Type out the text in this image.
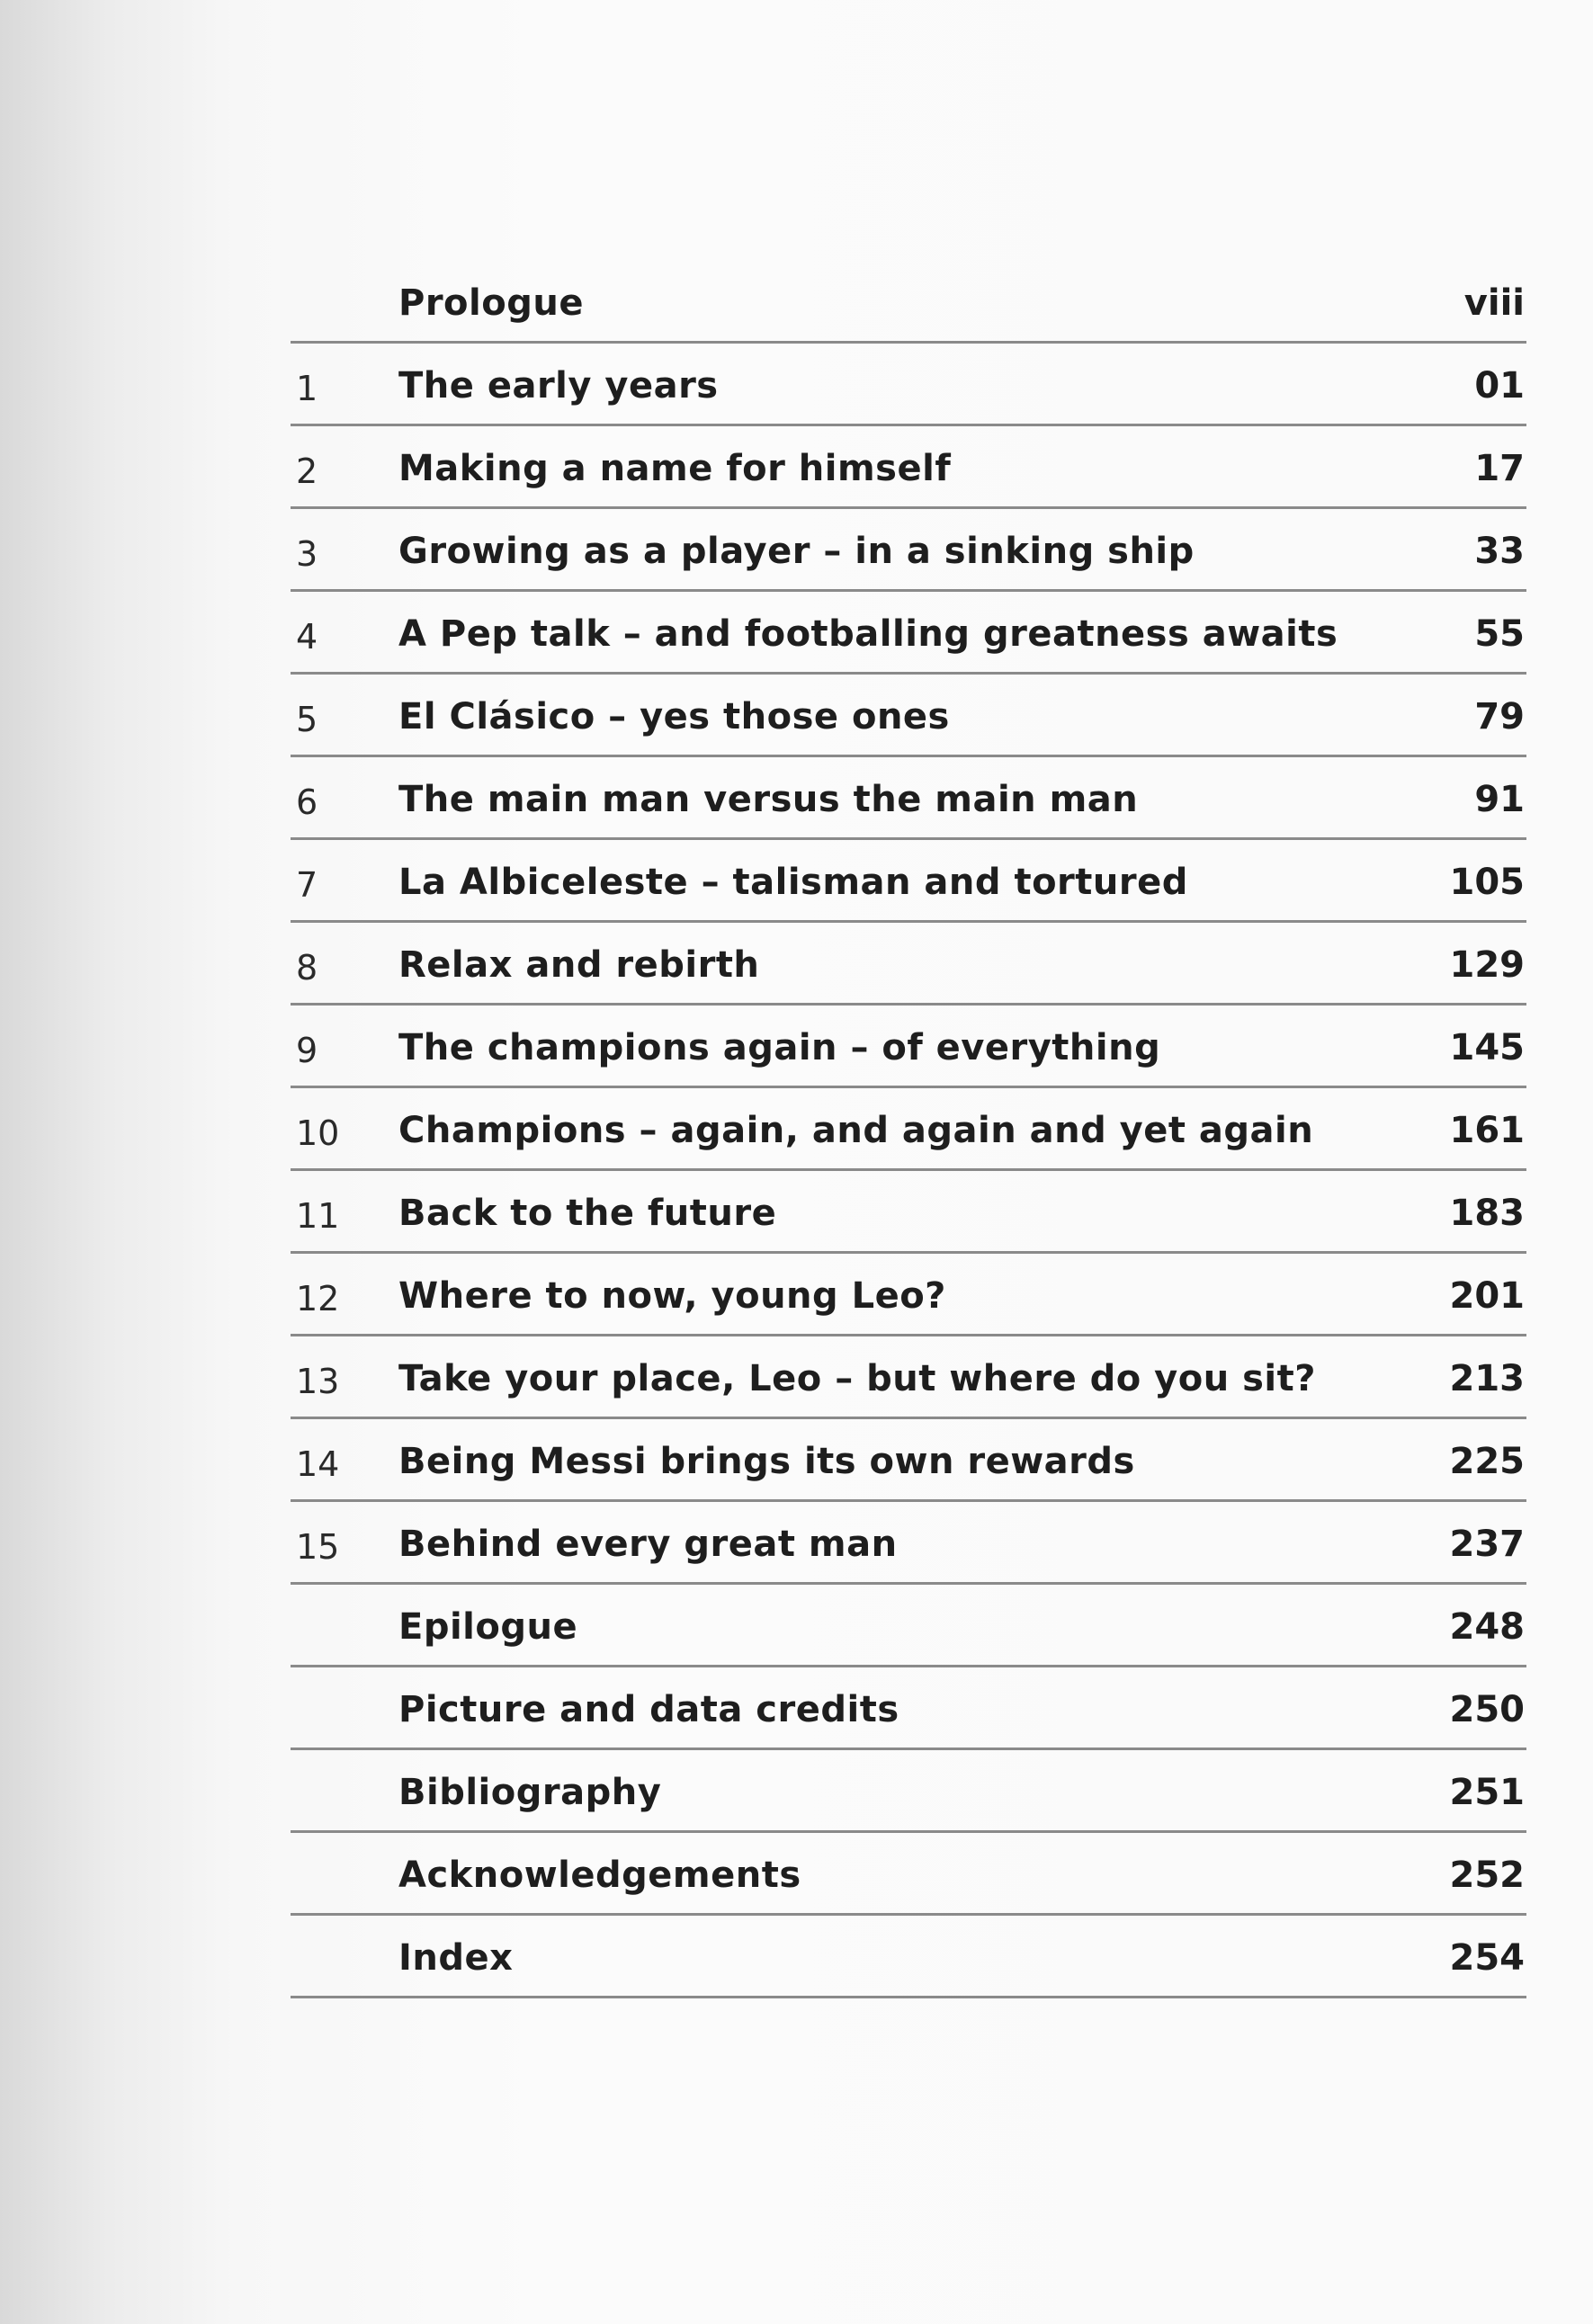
Prologue	viii
1 The early years	01
2 Making a name for himself	17
3 Growing as a player – in a sinking ship	33
4 A Pep talk – and footballing greatness awaits	55
5 El Clásico – yes those ones	79
6 The main man versus the main man	91
7 La Albiceleste – talisman and tortured	105
8 Relax and rebirth	129
9 The champions again – of everything	145
10 Champions – again, and again and yet again	161
11 Back to the future	183
12 Where to now, young Leo?	201
13 Take your place, Leo – but where do you sit?	213
14 Being Messi brings its own rewards	225
15 Behind every great man	237
Epilogue	248
Picture and data credits	250
Bibliography	251
Acknowledgements	252
Index	254
